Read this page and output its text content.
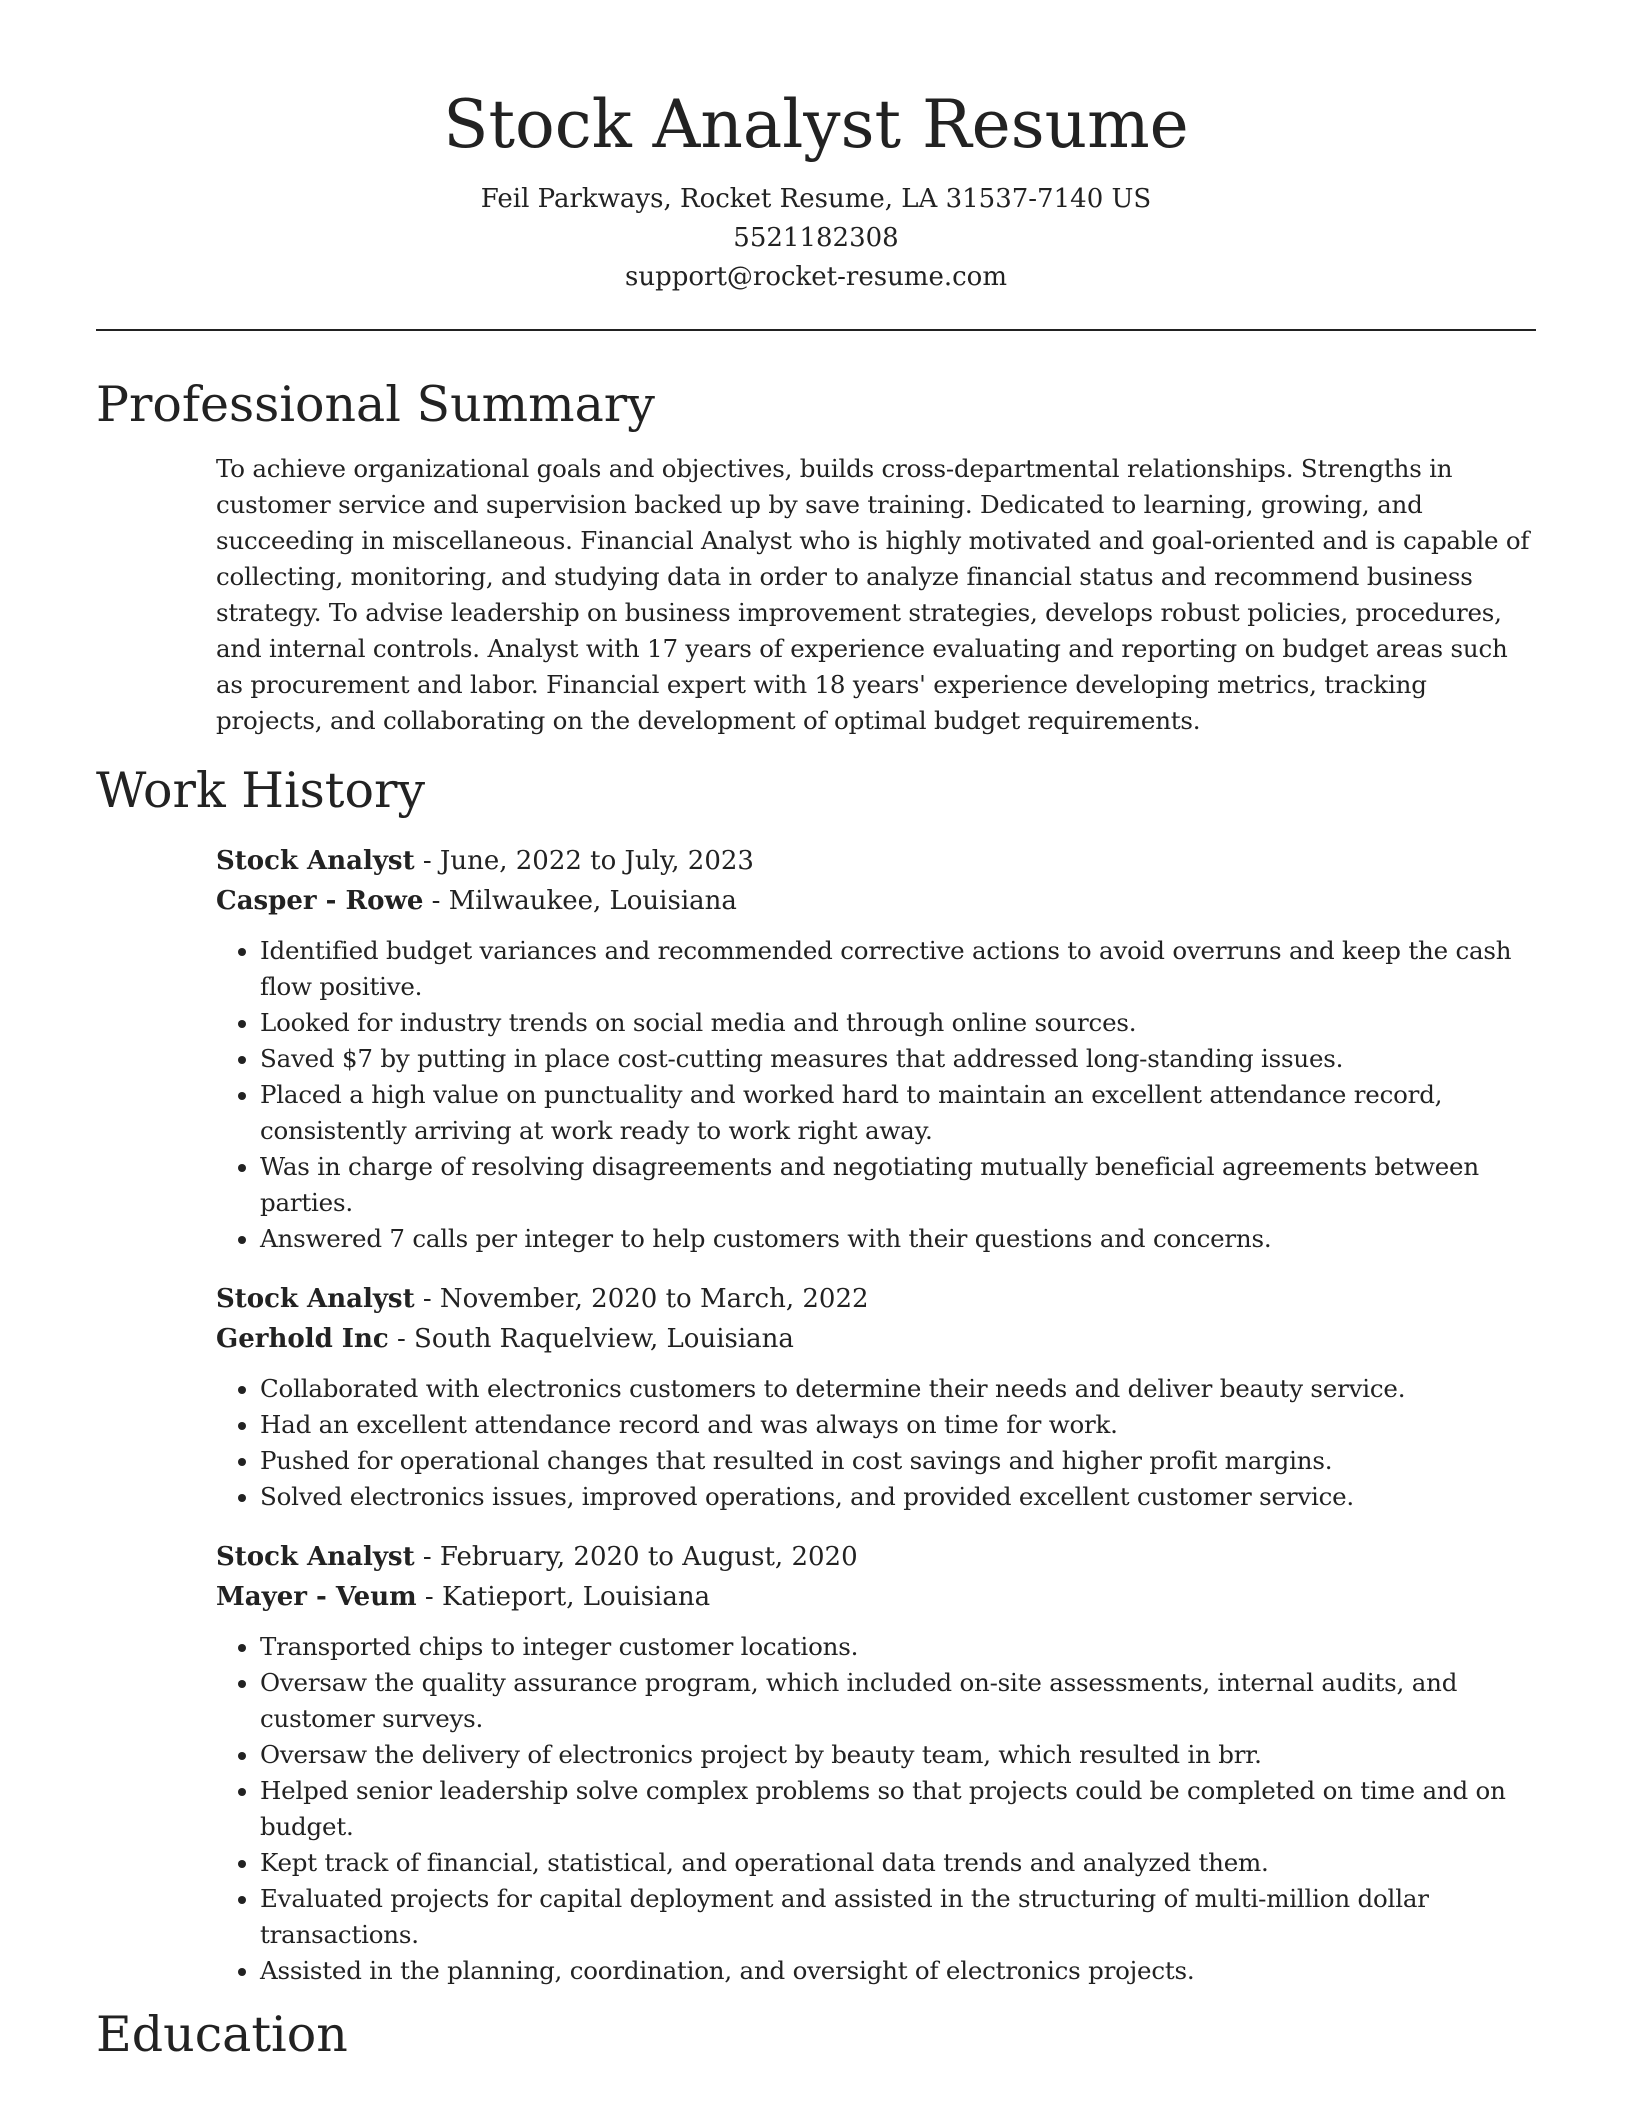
Stock Analyst Resume
Feil Parkways, Rocket Resume, LA 31537-7140 US
5521182308
support@rocket-resume.com
Professional Summary
To achieve organizational goals and objectives, builds cross-departmental relationships. Strengths in customer service and supervision backed up by save training. Dedicated to learning, growing, and succeeding in miscellaneous. Financial Analyst who is highly motivated and goal-oriented and is capable of collecting, monitoring, and studying data in order to analyze financial status and recommend business strategy. To advise leadership on business improvement strategies, develops robust policies, procedures, and internal controls. Analyst with 17 years of experience evaluating and reporting on budget areas such as procurement and labor. Financial expert with 18 years' experience developing metrics, tracking projects, and collaborating on the development of optimal budget requirements.
Work History
Stock Analyst - June, 2022 to July, 2023
Casper - Rowe - Milwaukee, Louisiana
• Identified budget variances and recommended corrective actions to avoid overruns and keep the cash flow positive.
• Looked for industry trends on social media and through online sources.
• Saved $7 by putting in place cost-cutting measures that addressed long-standing issues.
• Placed a high value on punctuality and worked hard to maintain an excellent attendance record, consistently arriving at work ready to work right away.
• Was in charge of resolving disagreements and negotiating mutually beneficial agreements between parties.
• Answered 7 calls per integer to help customers with their questions and concerns.
Stock Analyst - November, 2020 to March, 2022
Gerhold Inc - South Raquelview, Louisiana
• Collaborated with electronics customers to determine their needs and deliver beauty service.
• Had an excellent attendance record and was always on time for work.
• Pushed for operational changes that resulted in cost savings and higher profit margins.
• Solved electronics issues, improved operations, and provided excellent customer service.
Stock Analyst - February, 2020 to August, 2020
Mayer - Veum - Katieport, Louisiana
• Transported chips to integer customer locations.
• Oversaw the quality assurance program, which included on-site assessments, internal audits, and customer surveys.
• Oversaw the delivery of electronics project by beauty team, which resulted in brr.
• Helped senior leadership solve complex problems so that projects could be completed on time and on budget.
• Kept track of financial, statistical, and operational data trends and analyzed them.
• Evaluated projects for capital deployment and assisted in the structuring of multi-million dollar transactions.
• Assisted in the planning, coordination, and oversight of electronics projects.
Education
